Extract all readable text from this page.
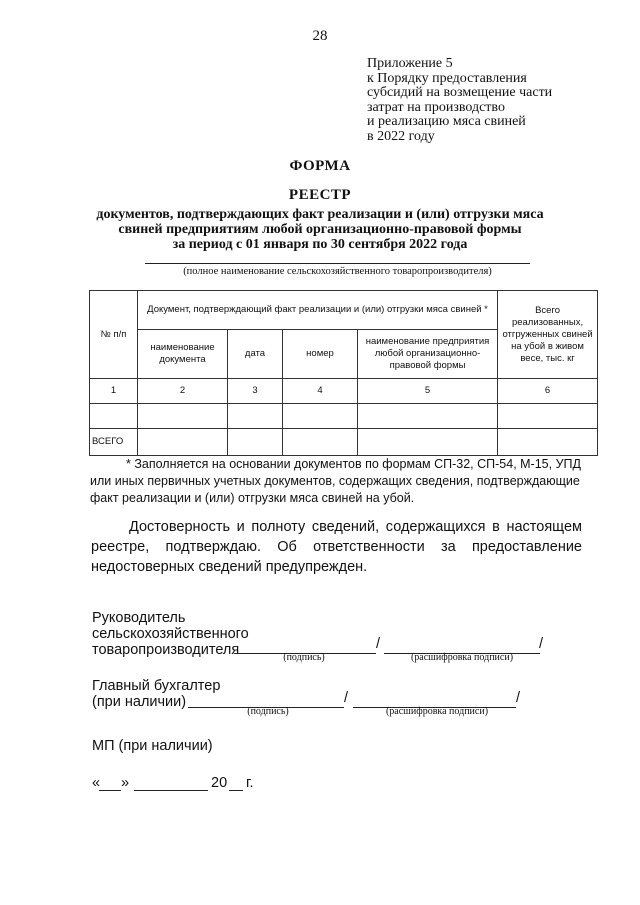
28
Приложение 5
к Порядку предоставления
субсидий на возмещение части
затрат на производство
и реализацию мяса свиней
в 2022 году
ФОРМА
РЕЕСТР
документов, подтверждающих факт реализации и (или) отгрузки мяса
свиней предприятиям любой организационно-правовой формы
за период с 01 января по 30 сентября 2022 года
(полное наименование сельскохозяйственного товаропроизводителя)
№ п/п	Документ, подтверждающий факт реализации и (или) отгрузки мяса свиней *				Всего реализованных, отгруженных свиней на убой в живом весе, тыс. кг
	наименование документа	дата	номер	наименование предприятия любой организационно-правовой формы	
1	2	3	4	5	6

ВСЕГО					

* Заполняется на основании документов по формам СП-32, СП-54, М-15, УПД

или иных первичных учетных документов, содержащих сведения, подтверждающие

факт реализации и (или) отгрузки мяса свиней на убой.

Достоверность и полноту сведений, содержащихся в настоящем реестре, подтверждаю. Об ответственности за предоставление недостоверных сведений предупрежден.

Руководитель
сельскохозяйственного
товаропроизводителя	/	/
(подпись)	(расшифровка подписи)
Главный бухгалтер
(при наличии)	/	/
(подпись)	(расшифровка подписи)
МП (при наличии)
« »	20 г.
